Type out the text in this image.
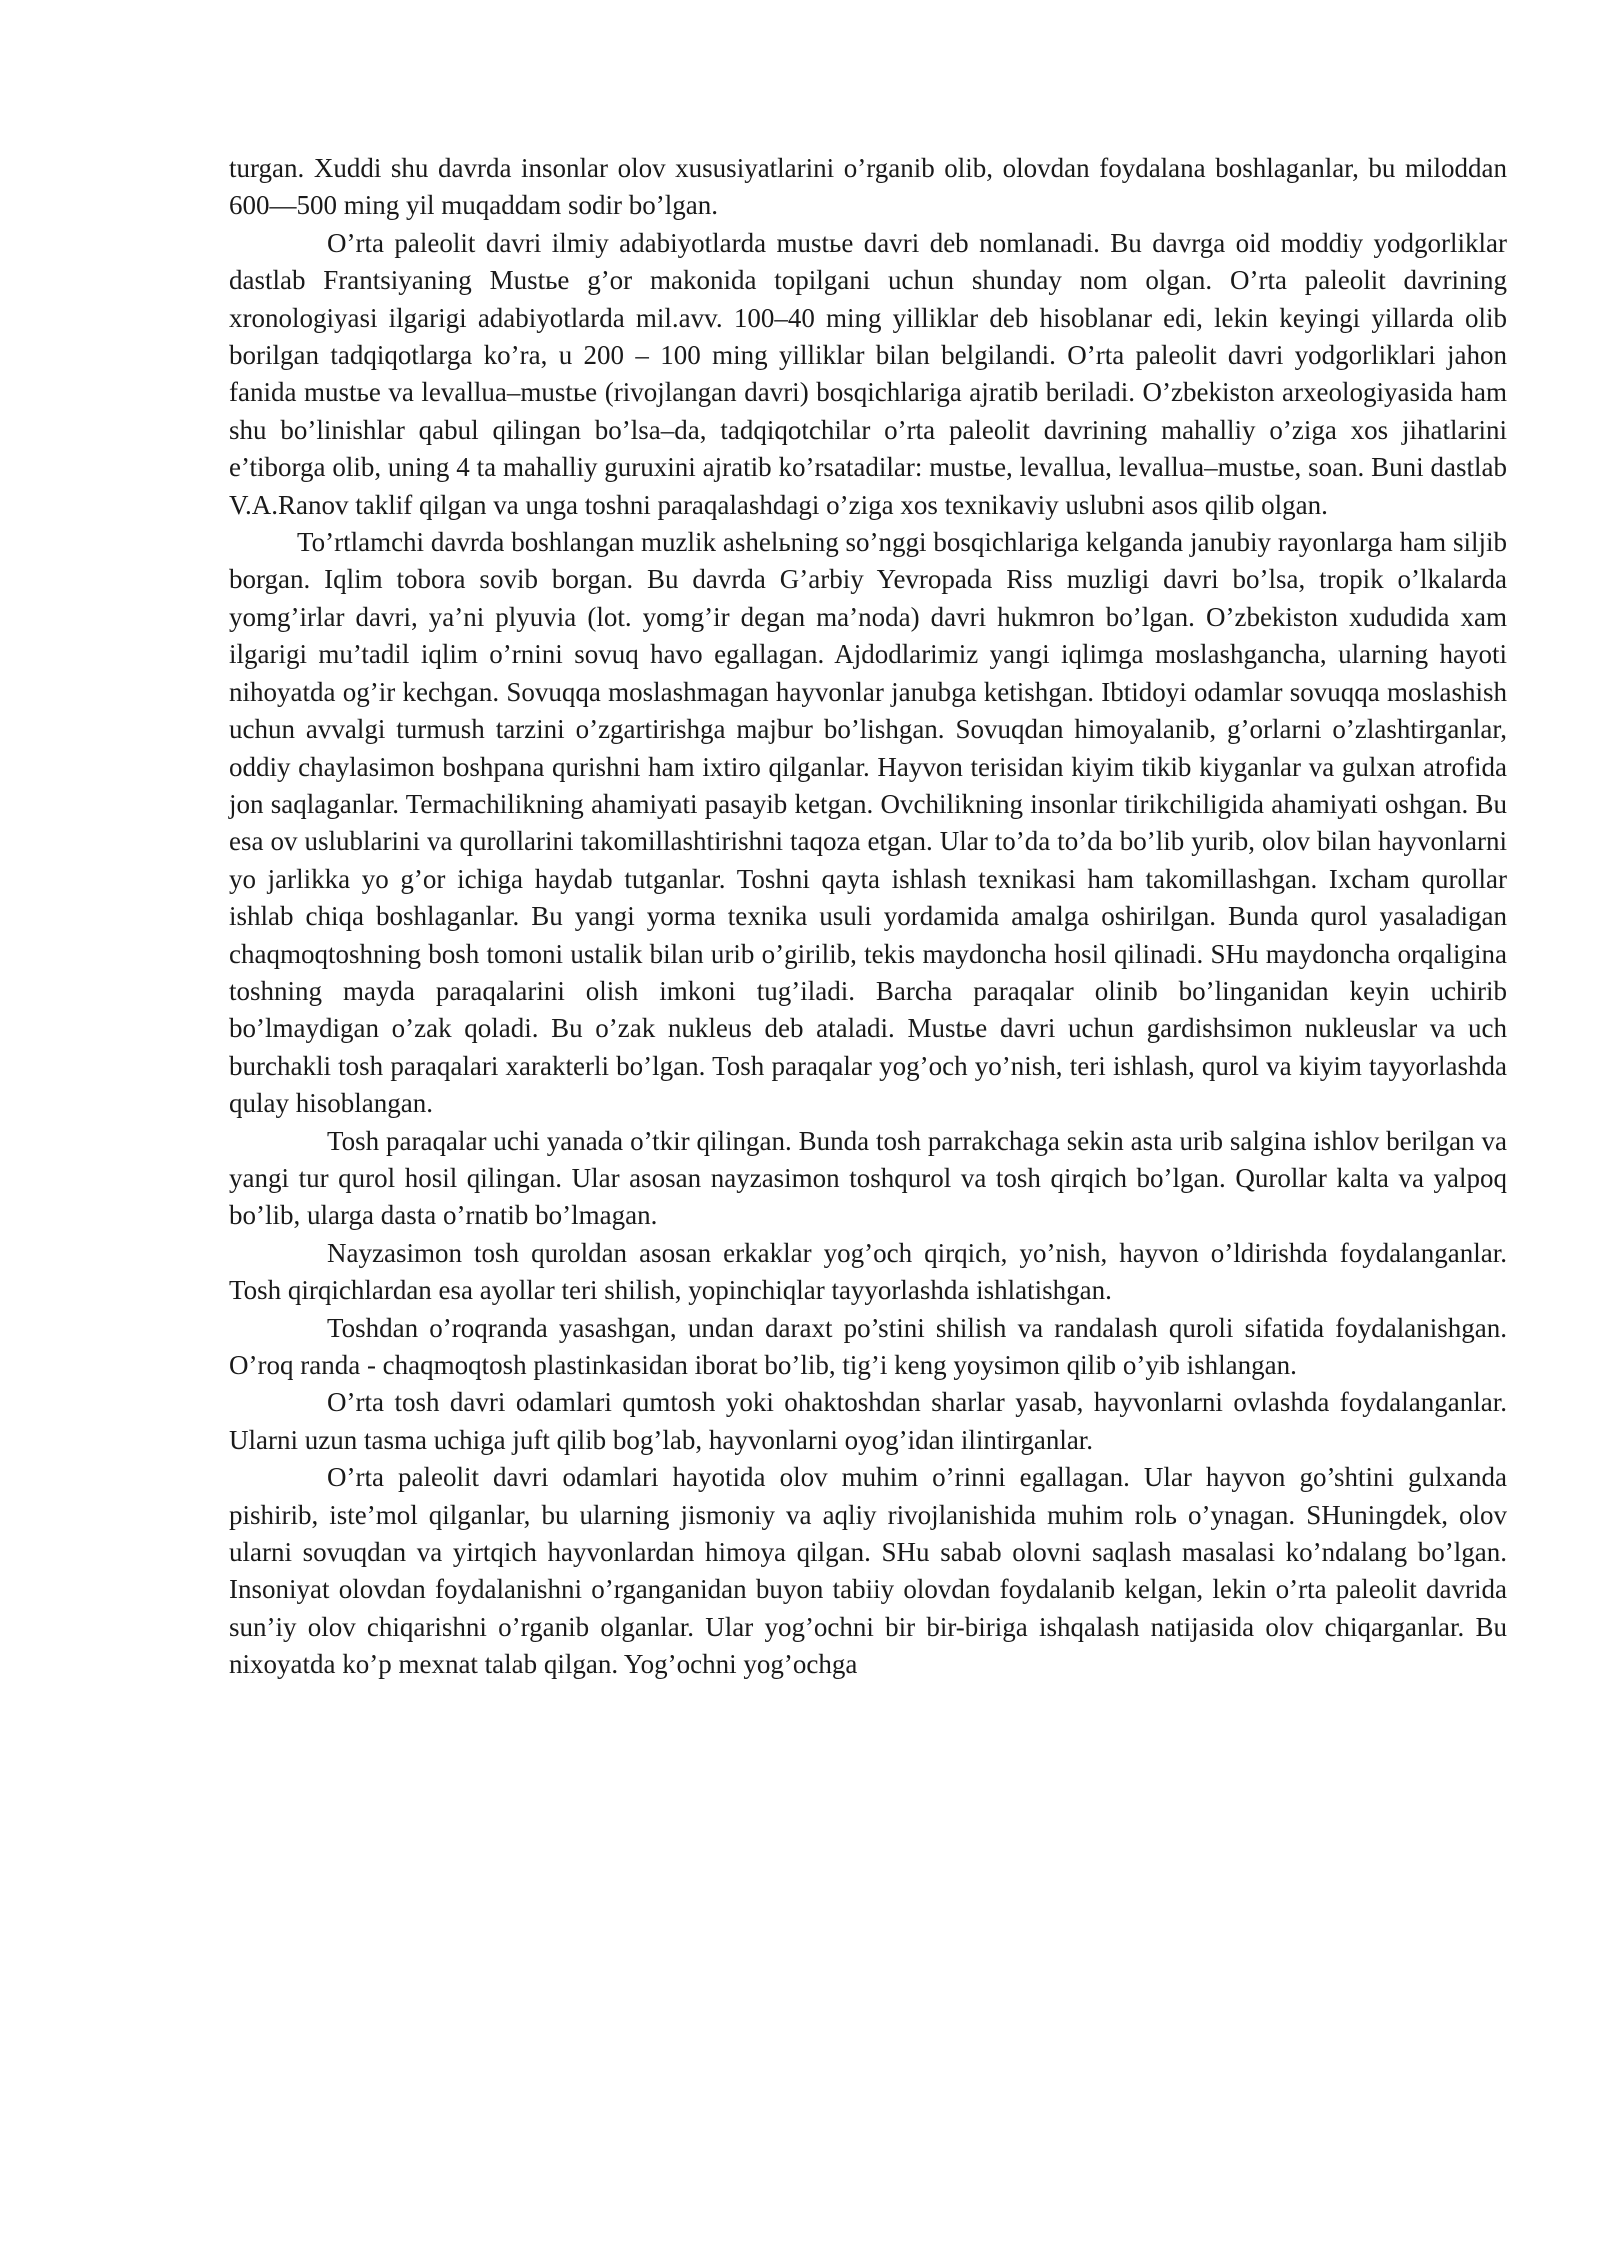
turgan. Xuddi shu davrda insonlar olov xususiyatlarini o’rganib olib, olovdan foydalana boshlaganlar, bu miloddan 600—500 ming yil muqaddam sodir bo’lgan.

O’rta paleolit davri ilmiy adabiyotlarda mustьe davri deb nomlanadi. Bu davrga oid moddiy yodgorliklar dastlab Frantsiyaning Mustьe g’or makonida topilgani uchun shunday nom olgan. O’rta paleolit davrining xronologiyasi ilgarigi adabiyotlarda mil.avv. 100–40 ming yilliklar deb hisoblanar edi, lekin keyingi yillarda olib borilgan tadqiqotlarga ko’ra, u 200 – 100 ming yilliklar bilan belgilandi. O’rta paleolit davri yodgorliklari jahon fanida mustьe va levallua–mustьe (rivojlangan davri) bosqichlariga ajratib beriladi. O’zbekiston arxeologiyasida ham shu bo’linishlar qabul qilingan bo’lsa–da, tadqiqotchilar o’rta paleolit davrining mahalliy o’ziga xos jihatlarini e’tiborga olib, uning 4 ta mahalliy guruxini ajratib ko’rsatadilar: mustьe, levallua, levallua–mustьe, soan. Buni dastlab V.A.Ranov taklif qilgan va unga toshni paraqalashdagi o’ziga xos texnikaviy uslubni asos qilib olgan.

To’rtlamchi davrda boshlangan muzlik ashelьning so’nggi bosqichlariga kelganda janubiy rayonlarga ham siljib borgan. Iqlim tobora sovib borgan. Bu davrda G’arbiy Yevropada Riss muzligi davri bo’lsa, tropik o’lkalarda yomg’irlar davri, ya’ni plyuvia (lot. yomg’ir degan ma’noda) davri hukmron bo’lgan. O’zbekiston xududida xam ilgarigi mu’tadil iqlim o’rnini sovuq havo egallagan. Ajdodlarimiz yangi iqlimga moslashgancha, ularning hayoti nihoyatda og’ir kechgan. Sovuqqa moslashmagan hayvonlar janubga ketishgan. Ibtidoyi odamlar sovuqqa moslashish uchun avvalgi turmush tarzini o’zgartirishga majbur bo’lishgan. Sovuqdan himoyalanib, g’orlarni o’zlashtirganlar, oddiy chaylasimon boshpana qurishni ham ixtiro qilganlar. Hayvon terisidan kiyim tikib kiyganlar va gulxan atrofida jon saqlaganlar. Termachilikning ahamiyati pasayib ketgan. Ovchilikning insonlar tirikchiligida ahamiyati oshgan. Bu esa ov uslublarini va qurollarini takomillashtirishni taqoza etgan. Ular to’da to’da bo’lib yurib, olov bilan hayvonlarni yo jarlikka yo g’or ichiga haydab tutganlar. Toshni qayta ishlash texnikasi ham takomillashgan. Ixcham qurollar ishlab chiqa boshlaganlar. Bu yangi yorma texnika usuli yordamida amalga oshirilgan. Bunda qurol yasaladigan chaqmoqtoshning bosh tomoni ustalik bilan urib o’girilib, tekis maydoncha hosil qilinadi. SHu maydoncha orqaligina toshning mayda paraqalarini olish imkoni tug’iladi. Barcha paraqalar olinib bo’linganidan keyin uchirib bo’lmaydigan o’zak qoladi. Bu o’zak nukleus deb ataladi. Mustьe davri uchun gardishsimon nukleuslar va uch burchakli tosh paraqalari xarakterli bo’lgan. Tosh paraqalar yog’och yo’nish, teri ishlash, qurol va kiyim tayyorlashda qulay hisoblangan.

Tosh paraqalar uchi yanada o’tkir qilingan. Bunda tosh parrakchaga sekin asta urib salgina ishlov berilgan va yangi tur qurol hosil qilingan. Ular asosan nayzasimon toshqurol va tosh qirqich bo’lgan. Qurollar kalta va yalpoq bo’lib, ularga dasta o’rnatib bo’lmagan.

Nayzasimon tosh quroldan asosan erkaklar yog’och qirqich, yo’nish, hayvon o’ldirishda foydalanganlar. Tosh qirqichlardan esa ayollar teri shilish, yopinchiqlar tayyorlashda ishlatishgan.

Toshdan o’roqranda yasashgan, undan daraxt po’stini shilish va randalash quroli sifatida foydalanishgan. O’roq randa - chaqmoqtosh plastinkasidan iborat bo’lib, tig’i keng yoysimon qilib o’yib ishlangan.

O’rta tosh davri odamlari qumtosh yoki ohaktoshdan sharlar yasab, hayvonlarni ovlashda foydalanganlar. Ularni uzun tasma uchiga juft qilib bog’lab, hayvonlarni oyog’idan ilintirganlar.

O’rta paleolit davri odamlari hayotida olov muhim o’rinni egallagan. Ular hayvon go’shtini gulxanda pishirib, iste’mol qilganlar, bu ularning jismoniy va aqliy rivojlanishida muhim rolь o’ynagan. SHuningdek, olov ularni sovuqdan va yirtqich hayvonlardan himoya qilgan. SHu sabab olovni saqlash masalasi ko’ndalang bo’lgan. Insoniyat olovdan foydalanishni o’rganganidan buyon tabiiy olovdan foydalanib kelgan, lekin o’rta paleolit davrida sun’iy olov chiqarishni o’rganib olganlar. Ular yog’ochni bir bir-biriga ishqalash natijasida olov chiqarganlar. Bu nixoyatda ko’p mexnat talab qilgan. Yog’ochni yog’ochga
